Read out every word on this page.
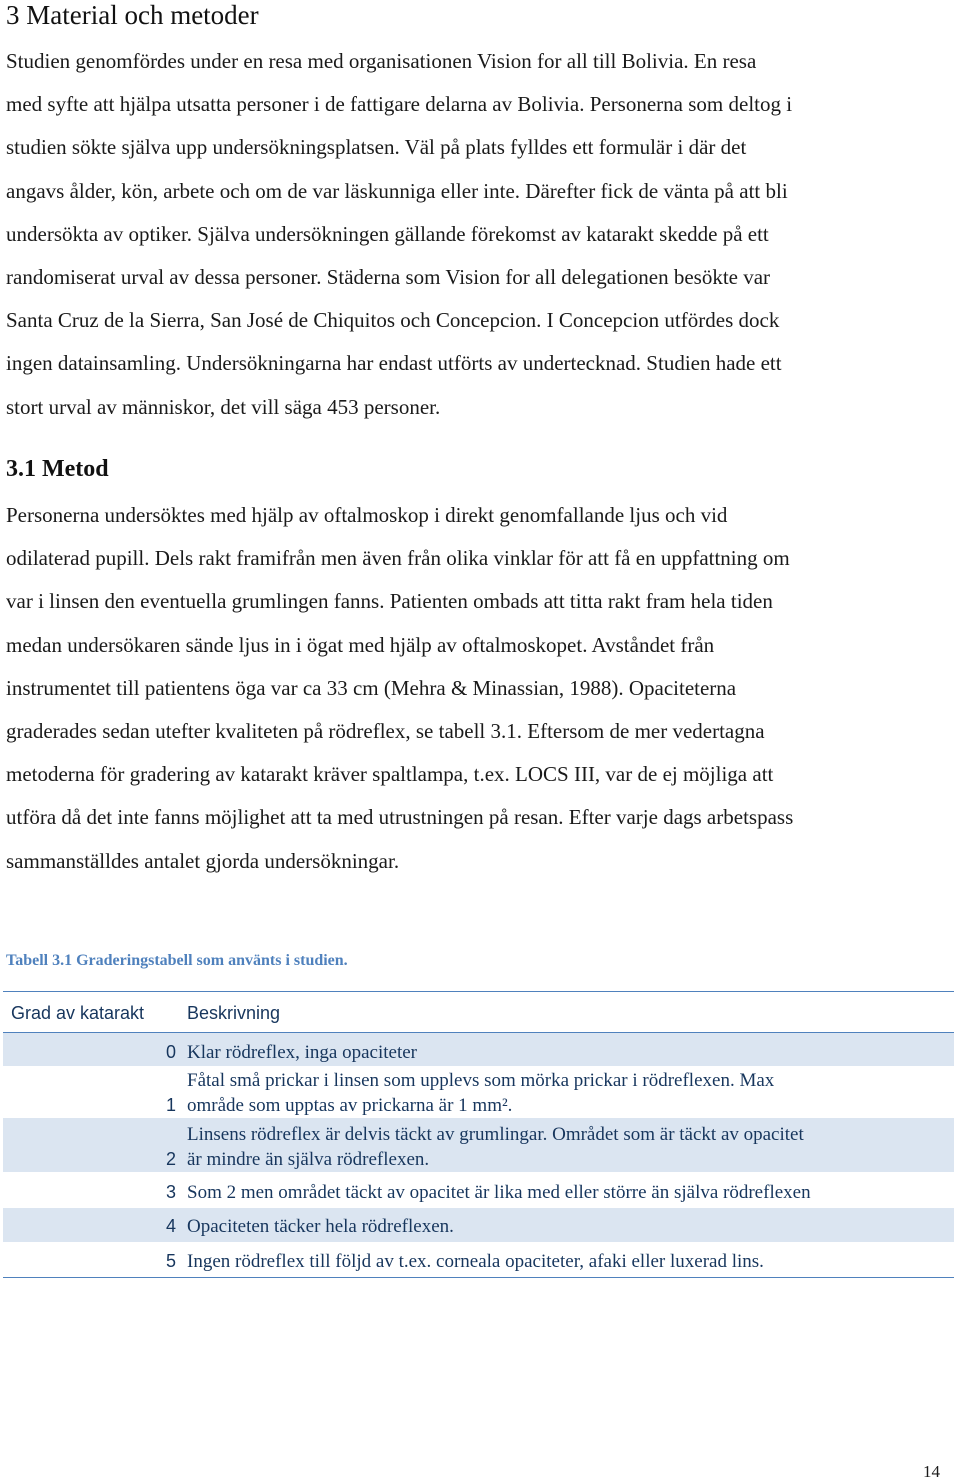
3 Material och metoder
Studien genomfördes under en resa med organisationen Vision for all till Bolivia. En resa
med syfte att hjälpa utsatta personer i de fattigare delarna av Bolivia. Personerna som deltog i
studien sökte själva upp undersökningsplatsen. Väl på plats fylldes ett formulär i där det
angavs ålder, kön, arbete och om de var läskunniga eller inte. Därefter fick de vänta på att bli
undersökta av optiker. Själva undersökningen gällande förekomst av katarakt skedde på ett
randomiserat urval av dessa personer. Städerna som Vision for all delegationen besökte var
Santa Cruz de la Sierra, San José de Chiquitos och Concepcion. I Concepcion utfördes dock
ingen datainsamling. Undersökningarna har endast utförts av undertecknad. Studien hade ett
stort urval av människor, det vill säga 453 personer.
3.1 Metod
Personerna undersöktes med hjälp av oftalmoskop i direkt genomfallande ljus och vid
odilaterad pupill. Dels rakt framifrån men även från olika vinklar för att få en uppfattning om
var i linsen den eventuella grumlingen fanns. Patienten ombads att titta rakt fram hela tiden
medan undersökaren sände ljus in i ögat med hjälp av oftalmoskopet. Avståndet från
instrumentet till patientens öga var ca 33 cm (Mehra & Minassian, 1988). Opaciteterna
graderades sedan utefter kvaliteten på rödreflex, se tabell 3.1. Eftersom de mer vedertagna
metoderna för gradering av katarakt kräver spaltlampa, t.ex. LOCS III, var de ej möjliga att
utföra då det inte fanns möjlighet att ta med utrustningen på resan. Efter varje dags arbetspass
sammanställdes antalet gjorda undersökningar.

Tabell 3.1 Graderingstabell som använts i studien.

Grad av katarakt	Beskrivning
0 Klar rödreflex, inga opaciteter
1
Fåtal små prickar i linsen som upplevs som mörka prickar i rödreflexen. Max
område som upptas av prickarna är 1 mm².
2
Linsens rödreflex är delvis täckt av grumlingar. Området som är täckt av opacitet
är mindre än själva rödreflexen.
3 Som 2 men området täckt av opacitet är lika med eller större än själva rödreflexen
4 Opaciteten täcker hela rödreflexen.
5 Ingen rödreflex till följd av t.ex. corneala opaciteter, afaki eller luxerad lins.
14
